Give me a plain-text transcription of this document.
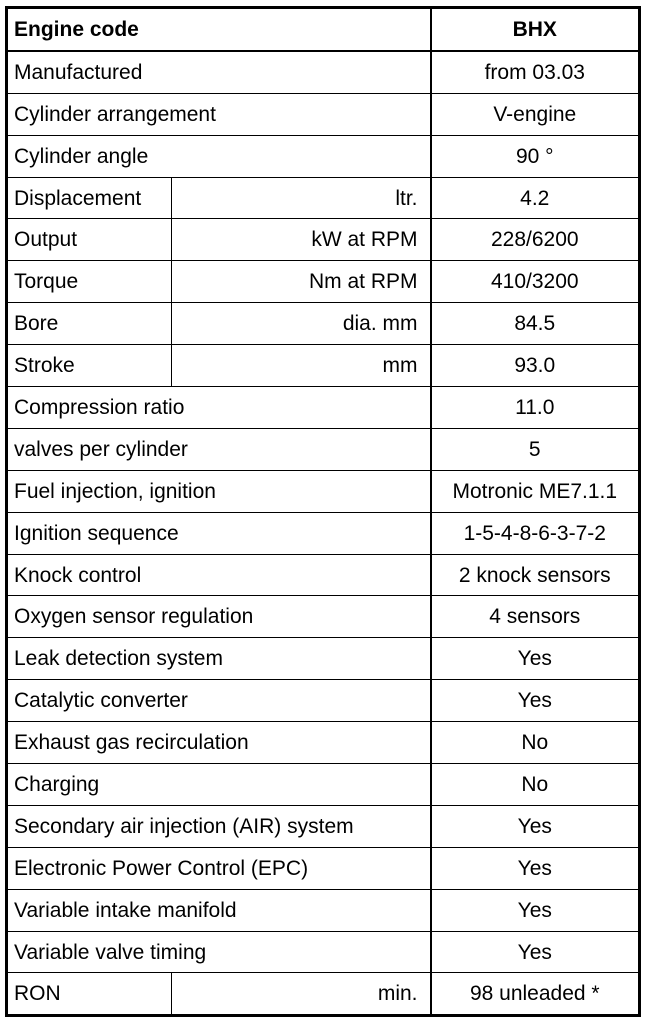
Engine code		BHX
Manufactured		from 03.03
Cylinder arrangement		V-engine
Cylinder angle		90 °
Displacement	ltr.	4.2
Output	kW at RPM	228/6200
Torque	Nm at RPM	410/3200
Bore	dia. mm	84.5
Stroke	mm	93.0
Compression ratio		11.0
valves per cylinder		5
Fuel injection, ignition		Motronic ME7.1.1
Ignition sequence		1-5-4-8-6-3-7-2
Knock control		2 knock sensors
Oxygen sensor regulation		4 sensors
Leak detection system		Yes
Catalytic converter		Yes
Exhaust gas recirculation		No
Charging		No
Secondary air injection (AIR) system		Yes
Electronic Power Control (EPC)		Yes
Variable intake manifold		Yes
Variable valve timing		Yes
RON	min.	98 unleaded *
